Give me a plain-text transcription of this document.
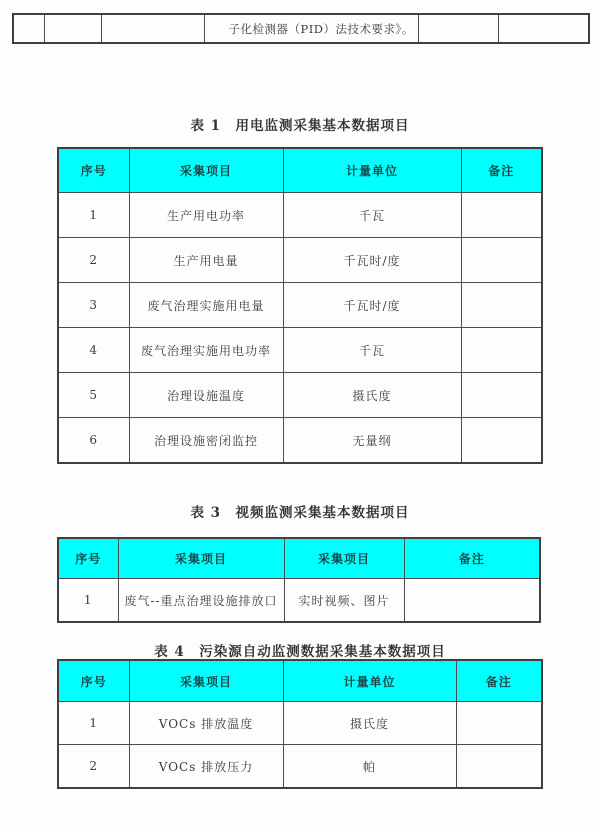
			子化检测器（PID）法技术要求》。		
表 1　用电监测采集基本数据项目
序号	采集项目	计量单位	备注
1	生产用电功率	千瓦	
2	生产用电量	千瓦时/度	
3	废气治理实施用电量	千瓦时/度	
4	废气治理实施用电功率	千瓦	
5	治理设施温度	摄氏度	
6	治理设施密闭监控	无量纲	
表 3　视频监测采集基本数据项目
序号	采集项目	采集项目	备注
1	废气--重点治理设施排放口	实时视频、图片	
表 4　污染源自动监测数据采集基本数据项目
序号	采集项目	计量单位	备注
1	VOCs 排放温度	摄氏度	
2	VOCs 排放压力	帕	
